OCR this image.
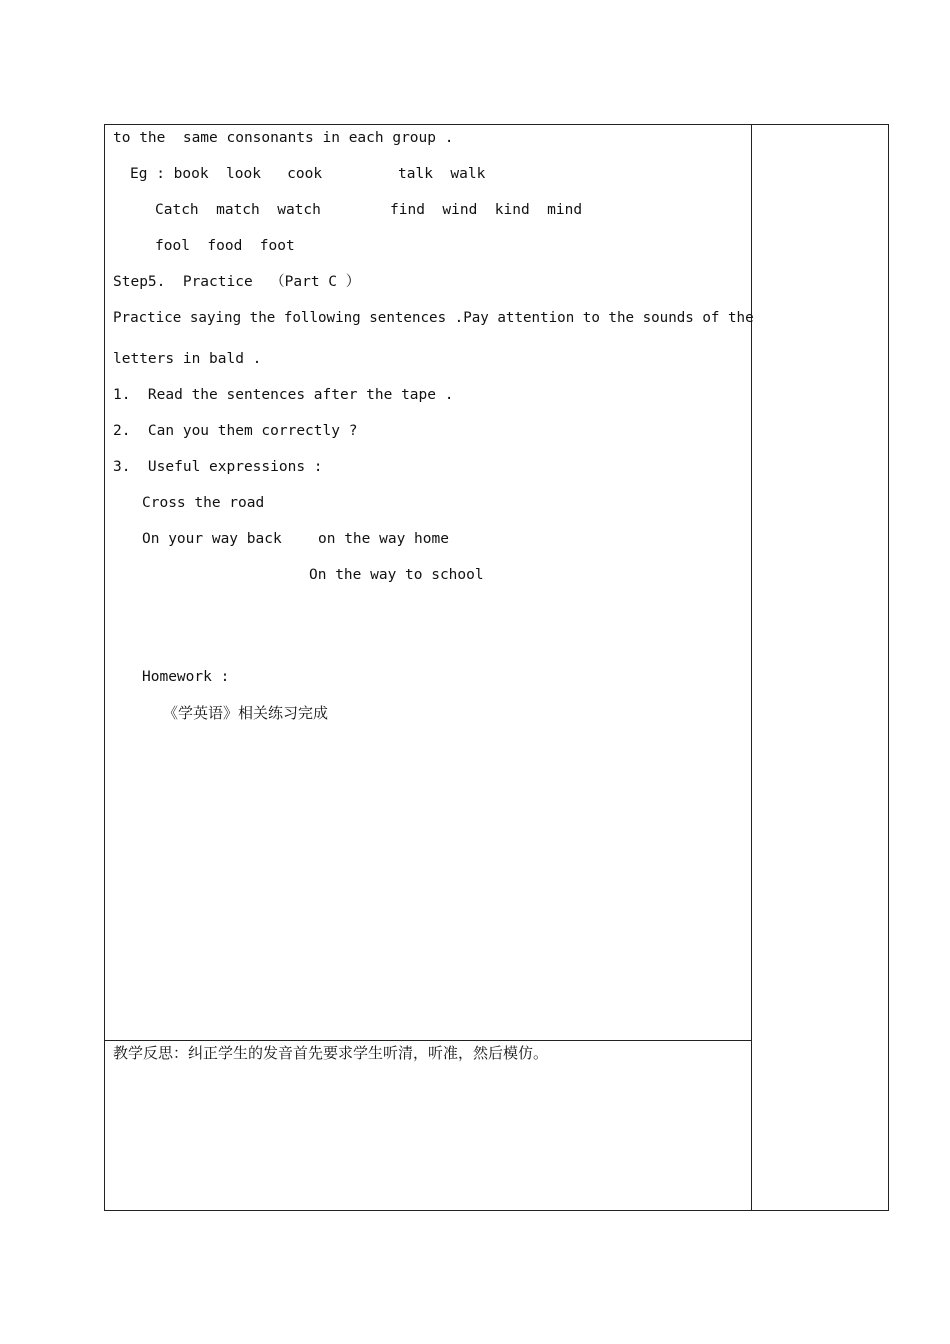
to the  same consonants in each group .
Eg : book  look   cook	talk  walk
Catch  match  watch	find  wind  kind  mind
fool  food  foot
Step5.  Practice  （Part C ）
Practice saying the following sentences .Pay attention to the sounds of the
letters in bald .
1.  Read the sentences after the tape .
2.  Can you them correctly ?
3.  Useful expressions :
Cross the road
On your way back	on the way home
On the way to school
Homework :
《学英语》相关练习完成
教学反思：纠正学生的发音首先要求学生听清，听准，然后模仿。
